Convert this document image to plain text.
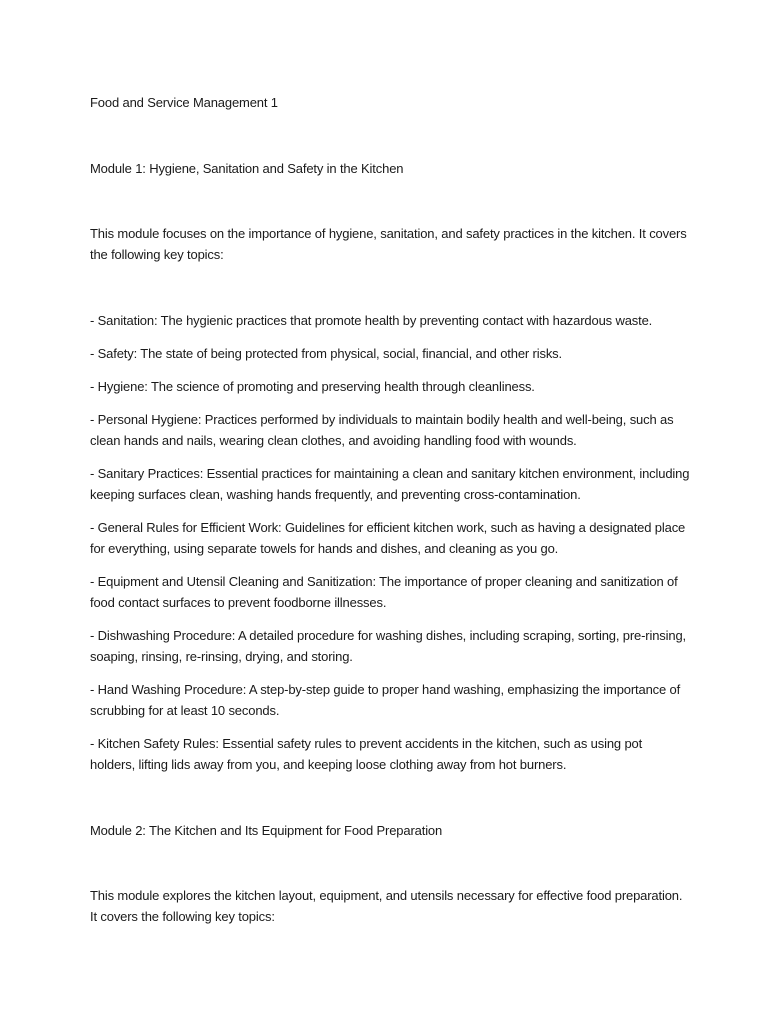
Food and Service Management 1

Module 1: Hygiene, Sanitation and Safety in the Kitchen

This module focuses on the importance of hygiene, sanitation, and safety practices in the kitchen. It covers the following key topics:

- Sanitation: The hygienic practices that promote health by preventing contact with hazardous waste.

- Safety: The state of being protected from physical, social, financial, and other risks.

- Hygiene: The science of promoting and preserving health through cleanliness.

- Personal Hygiene: Practices performed by individuals to maintain bodily health and well-being, such as clean hands and nails, wearing clean clothes, and avoiding handling food with wounds.

- Sanitary Practices: Essential practices for maintaining a clean and sanitary kitchen environment, including keeping surfaces clean, washing hands frequently, and preventing cross-contamination.

- General Rules for Efficient Work: Guidelines for efficient kitchen work, such as having a designated place for everything, using separate towels for hands and dishes, and cleaning as you go.

- Equipment and Utensil Cleaning and Sanitization: The importance of proper cleaning and sanitization of food contact surfaces to prevent foodborne illnesses.

- Dishwashing Procedure: A detailed procedure for washing dishes, including scraping, sorting, pre-rinsing, soaping, rinsing, re-rinsing, drying, and storing.

- Hand Washing Procedure: A step-by-step guide to proper hand washing, emphasizing the importance of scrubbing for at least 10 seconds.

- Kitchen Safety Rules: Essential safety rules to prevent accidents in the kitchen, such as using pot holders, lifting lids away from you, and keeping loose clothing away from hot burners.

Module 2: The Kitchen and Its Equipment for Food Preparation

This module explores the kitchen layout, equipment, and utensils necessary for effective food preparation. It covers the following key topics:
